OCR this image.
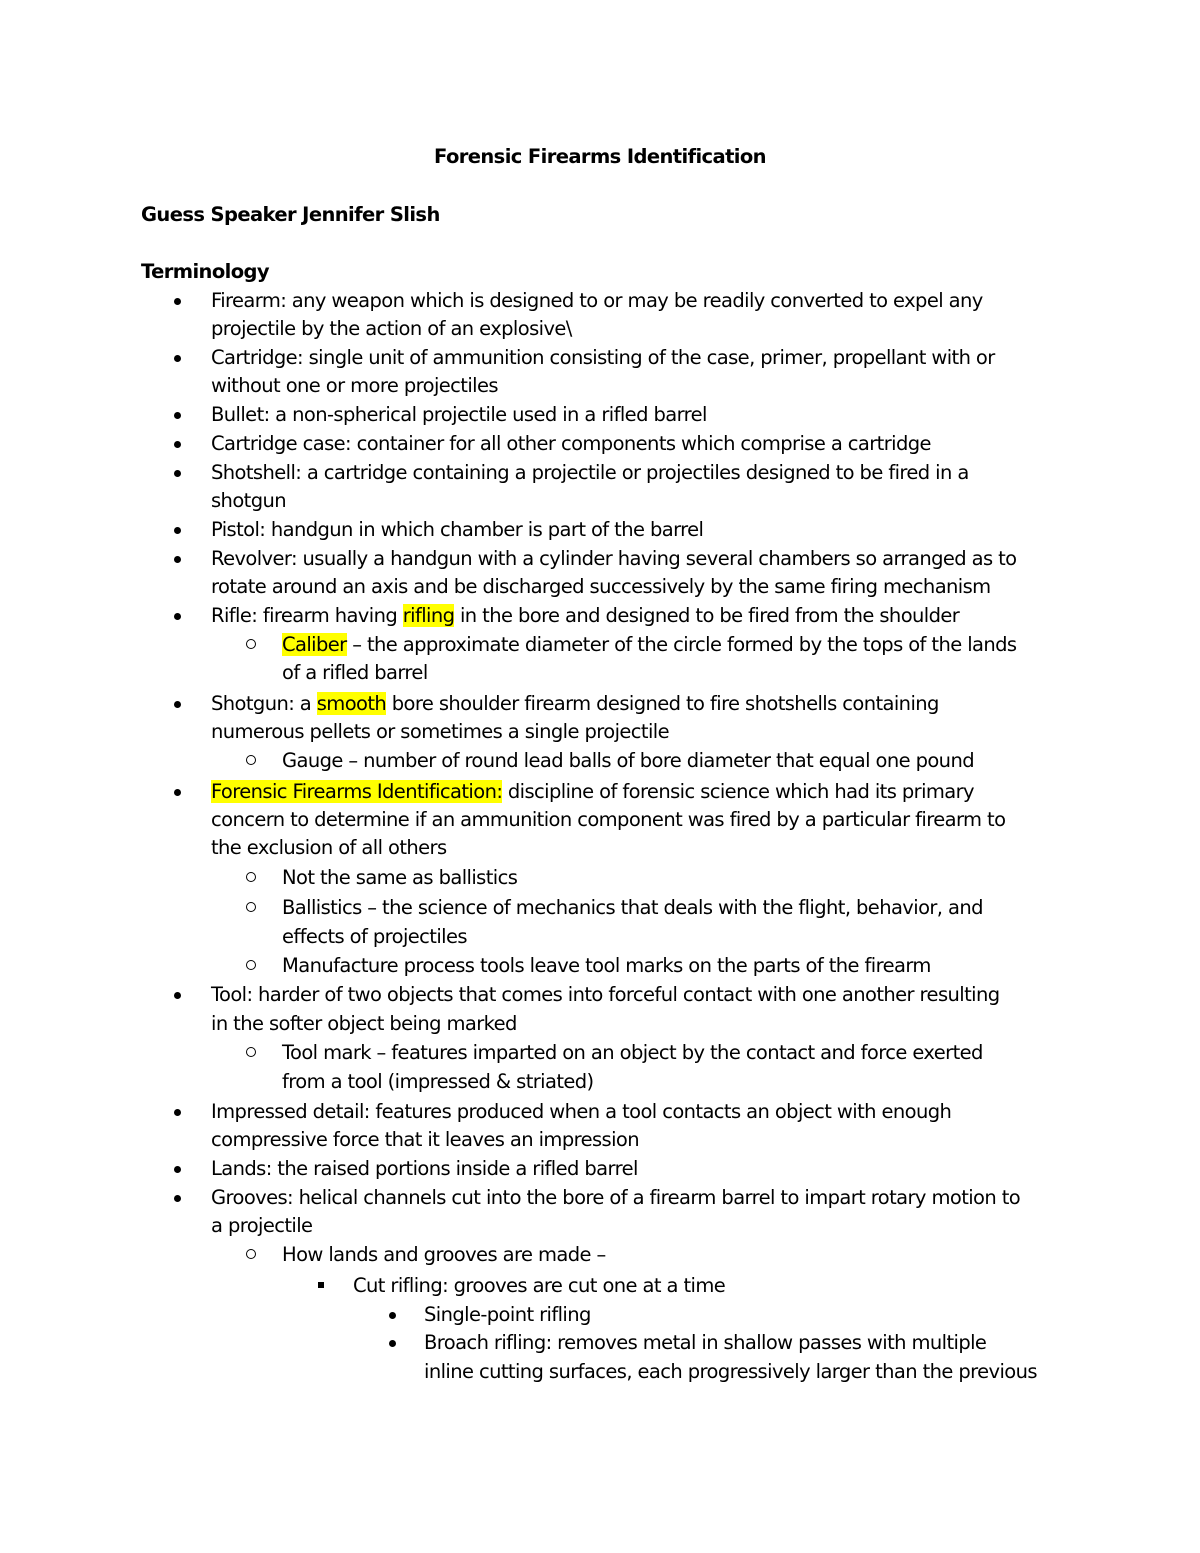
Forensic Firearms Identification
Guess Speaker Jennifer Slish
Terminology
Firearm: any weapon which is designed to or may be readily converted to expel any
projectile by the action of an explosive\
Cartridge: single unit of ammunition consisting of the case, primer, propellant with or
without one or more projectiles
Bullet: a non-spherical projectile used in a rifled barrel
Cartridge case: container for all other components which comprise a cartridge
Shotshell: a cartridge containing a projectile or projectiles designed to be fired in a
shotgun
Pistol: handgun in which chamber is part of the barrel
Revolver: usually a handgun with a cylinder having several chambers so arranged as to
rotate around an axis and be discharged successively by the same firing mechanism
Rifle: firearm having rifling in the bore and designed to be fired from the shoulder
Caliber – the approximate diameter of the circle formed by the tops of the lands
of a rifled barrel
Shotgun: a smooth bore shoulder firearm designed to fire shotshells containing
numerous pellets or sometimes a single projectile
Gauge – number of round lead balls of bore diameter that equal one pound
Forensic Firearms Identification: discipline of forensic science which had its primary
concern to determine if an ammunition component was fired by a particular firearm to
the exclusion of all others
Not the same as ballistics
Ballistics – the science of mechanics that deals with the flight, behavior, and
effects of projectiles
Manufacture process tools leave tool marks on the parts of the firearm
Tool: harder of two objects that comes into forceful contact with one another resulting
in the softer object being marked
Tool mark – features imparted on an object by the contact and force exerted
from a tool (impressed & striated)
Impressed detail: features produced when a tool contacts an object with enough
compressive force that it leaves an impression
Lands: the raised portions inside a rifled barrel
Grooves: helical channels cut into the bore of a firearm barrel to impart rotary motion to
a projectile
How lands and grooves are made –
Cut rifling: grooves are cut one at a time
Single-point rifling
Broach rifling: removes metal in shallow passes with multiple
inline cutting surfaces, each progressively larger than the previous
